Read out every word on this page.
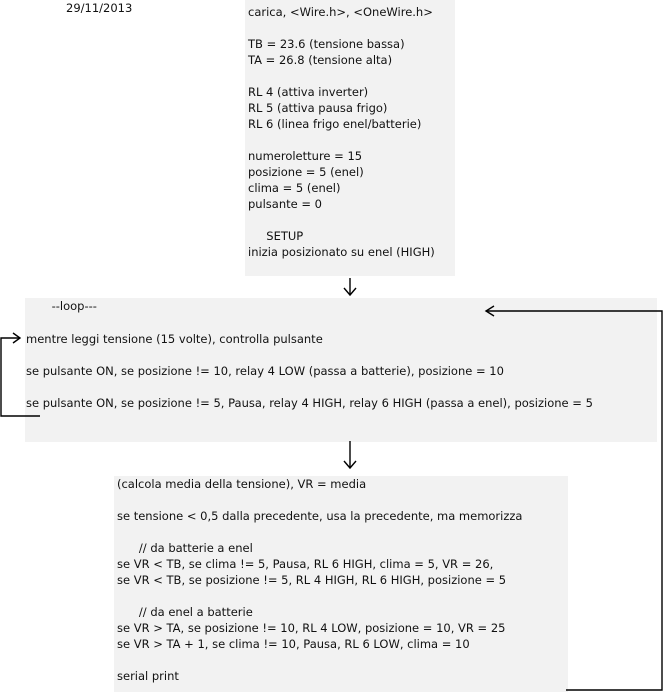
29/11/2013	carica, <Wire.h>, <OneWire.h>
TB = 23.6 (tensione bassa)
TA = 26.8 (tensione alta)
RL 4 (attiva inverter)
RL 5 (attiva pausa frigo)
RL 6 (linea frigo enel/batterie)
numeroletture = 15
posizione = 5 (enel)
clima = 5 (enel)
pulsante = 0
SETUP
inizia posizionato su enel (HIGH)
--loop---
mentre leggi tensione (15 volte), controlla pulsante
se pulsante ON, se posizione != 10, relay 4 LOW (passa a batterie), posizione = 10
se pulsante ON, se posizione != 5, Pausa, relay 4 HIGH, relay 6 HIGH (passa a enel), posizione = 5
(calcola media della tensione), VR = media
se tensione < 0,5 dalla precedente, usa la precedente, ma memorizza
// da batterie a enel
se VR < TB, se clima != 5, Pausa, RL 6 HIGH, clima = 5, VR = 26,
se VR < TB, se posizione != 5, RL 4 HIGH, RL 6 HIGH, posizione = 5
// da enel a batterie
se VR > TA, se posizione != 10, RL 4 LOW, posizione = 10, VR = 25
se VR > TA + 1, se clima != 10, Pausa, RL 6 LOW, clima = 10
serial print
